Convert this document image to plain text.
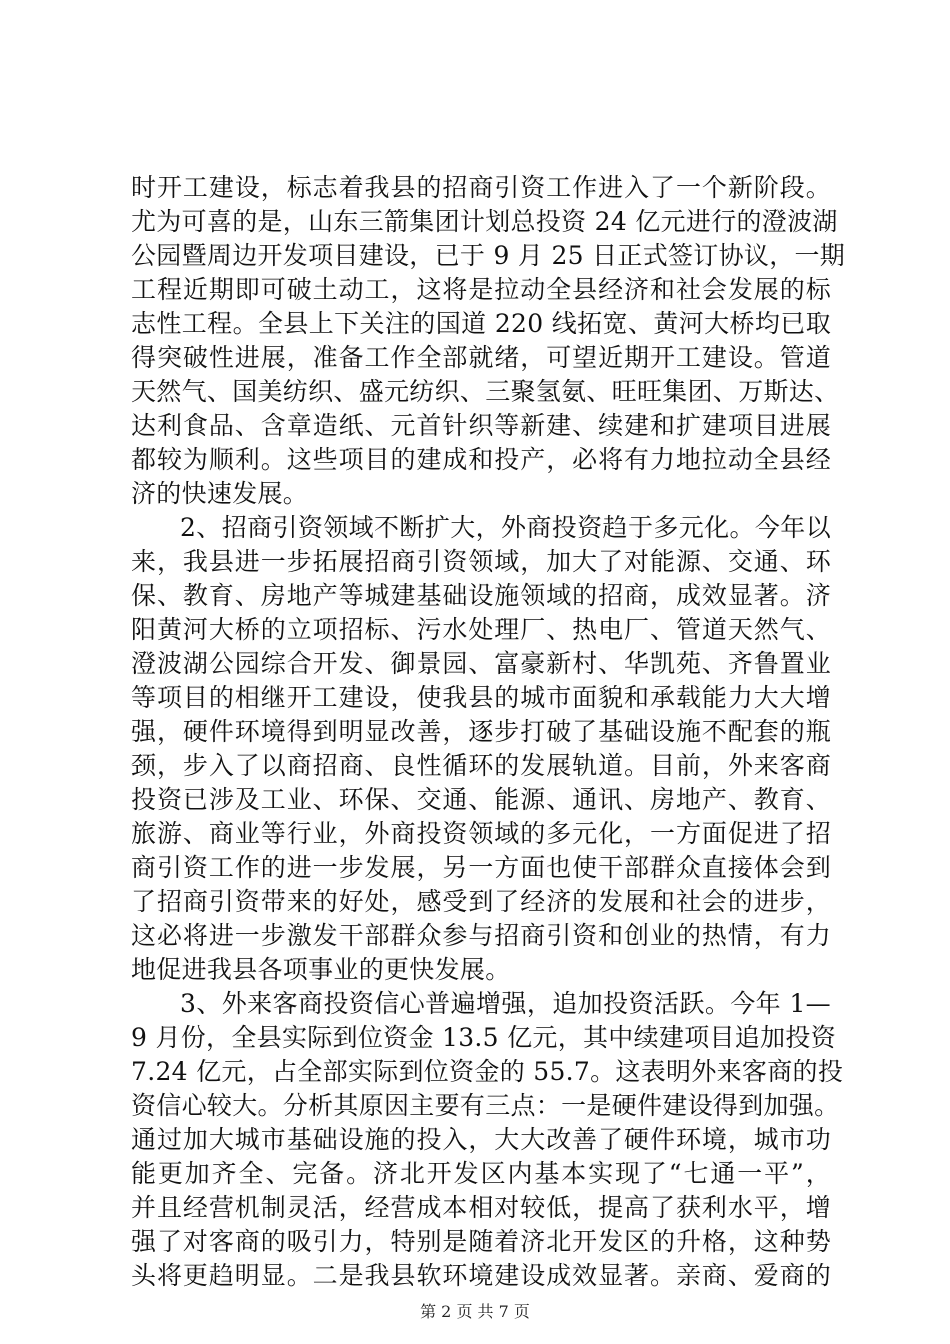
时开工建设，标志着我县的招商引资工作进入了一个新阶段。
尤为可喜的是，山东三箭集团计划总投资 24 亿元进行的澄波湖
公园暨周边开发项目建设，已于 9 月 25 日正式签订协议，一期
工程近期即可破土动工，这将是拉动全县经济和社会发展的标
志性工程。全县上下关注的国道 220 线拓宽、黄河大桥均已取
得突破性进展，准备工作全部就绪，可望近期开工建设。管道
天然气、国美纺织、盛元纺织、三聚氢氨、旺旺集团、万斯达、
达利食品、含章造纸、元首针织等新建、续建和扩建项目进展
都较为顺利。这些项目的建成和投产，必将有力地拉动全县经
济的快速发展。
2、招商引资领域不断扩大，外商投资趋于多元化。今年以
来，我县进一步拓展招商引资领域，加大了对能源、交通、环
保、教育、房地产等城建基础设施领域的招商，成效显著。济
阳黄河大桥的立项招标、污水处理厂、热电厂、管道天然气、
澄波湖公园综合开发、御景园、富豪新村、华凯苑、齐鲁置业
等项目的相继开工建设，使我县的城市面貌和承载能力大大增
强，硬件环境得到明显改善，逐步打破了基础设施不配套的瓶
颈，步入了以商招商、良性循环的发展轨道。目前，外来客商
投资已涉及工业、环保、交通、能源、通讯、房地产、教育、
旅游、商业等行业，外商投资领域的多元化，一方面促进了招
商引资工作的进一步发展，另一方面也使干部群众直接体会到
了招商引资带来的好处，感受到了经济的发展和社会的进步，
这必将进一步激发干部群众参与招商引资和创业的热情，有力
地促进我县各项事业的更快发展。
3、外来客商投资信心普遍增强，追加投资活跃。今年 1—
9 月份，全县实际到位资金 13.5 亿元，其中续建项目追加投资
7.24 亿元，占全部实际到位资金的 55.7。这表明外来客商的投
资信心较大。分析其原因主要有三点：一是硬件建设得到加强。
通过加大城市基础设施的投入，大大改善了硬件环境，城市功
能更加齐全、完备。济北开发区内基本实现了“七通一平”，
并且经营机制灵活，经营成本相对较低，提高了获利水平，增
强了对客商的吸引力，特别是随着济北开发区的升格，这种势
头将更趋明显。二是我县软环境建设成效显著。亲商、爱商的
第 2 页 共 7 页
